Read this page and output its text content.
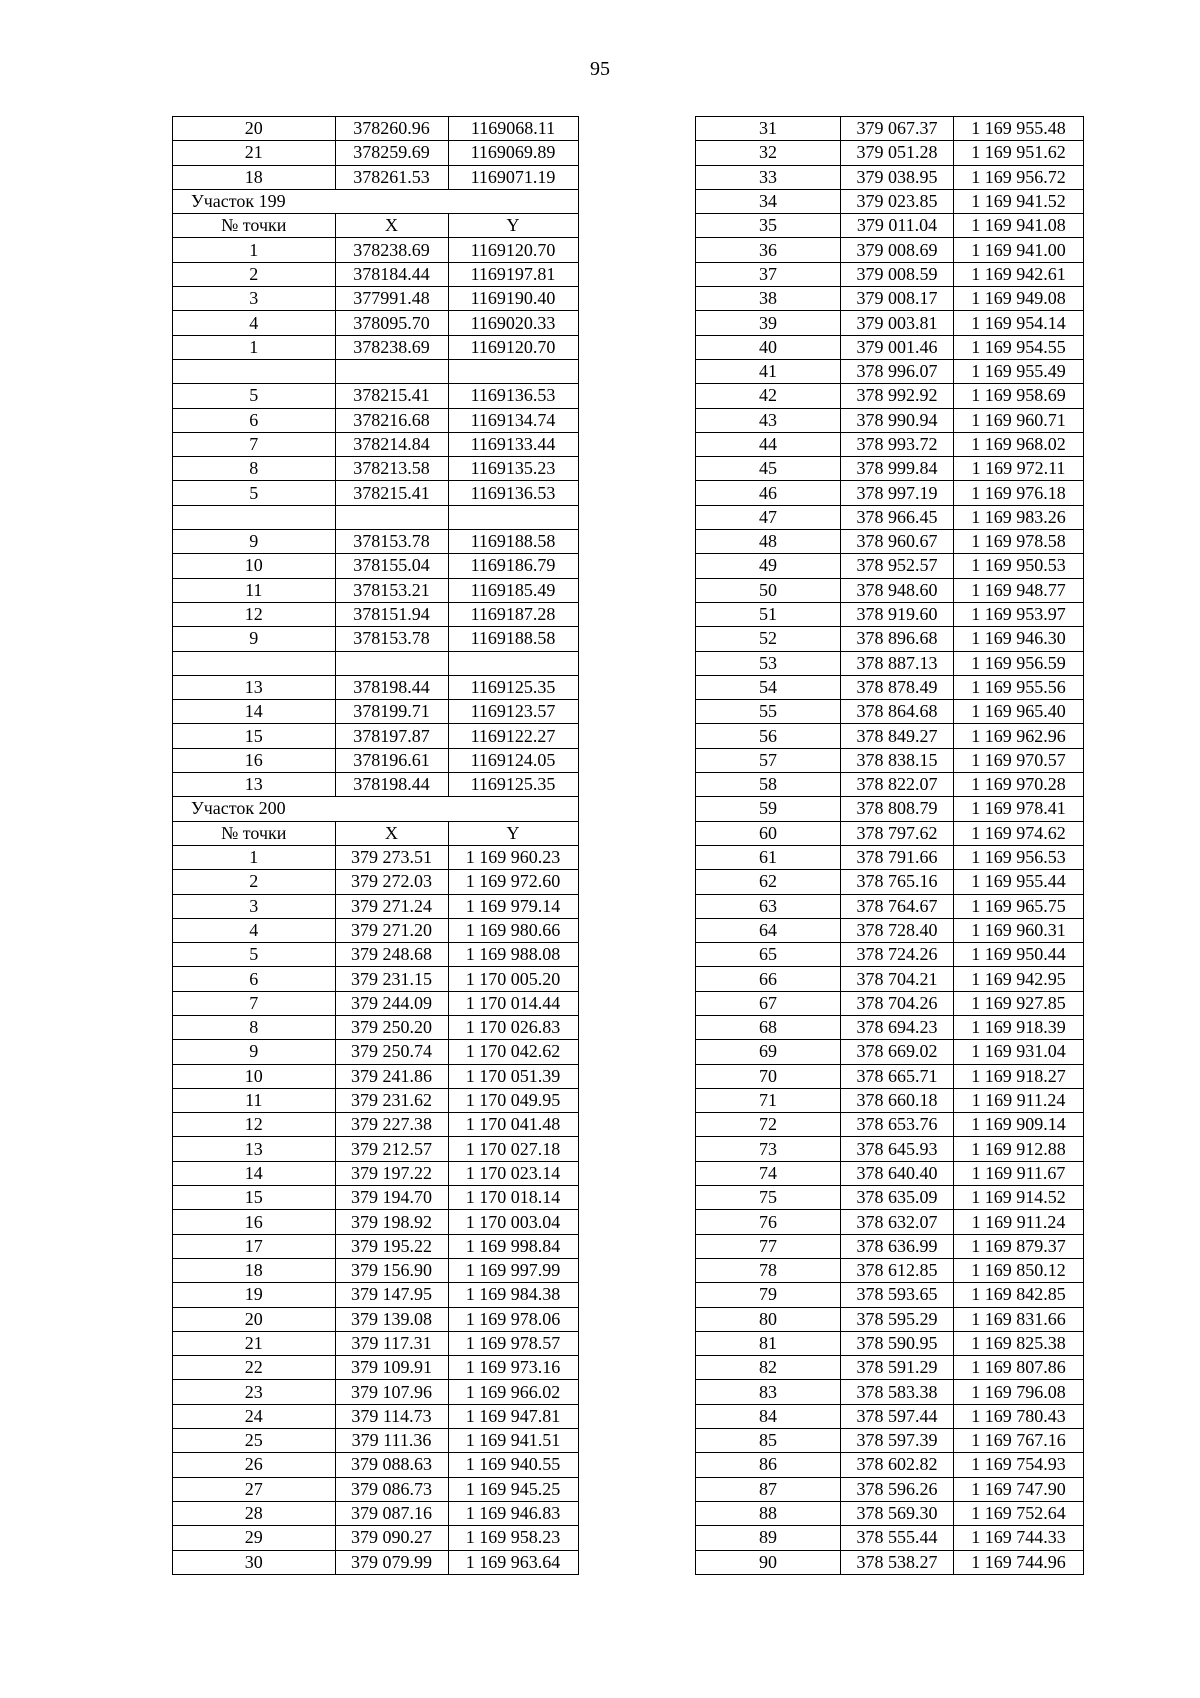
95
20	378260.96	1169068.11
21	378259.69	1169069.89
18	378261.53	1169071.19
Участок 199		
№ точки	X	Y
1	378238.69	1169120.70
2	378184.44	1169197.81
3	377991.48	1169190.40
4	378095.70	1169020.33
1	378238.69	1169120.70

5	378215.41	1169136.53
6	378216.68	1169134.74
7	378214.84	1169133.44
8	378213.58	1169135.23
5	378215.41	1169136.53

9	378153.78	1169188.58
10	378155.04	1169186.79
11	378153.21	1169185.49
12	378151.94	1169187.28
9	378153.78	1169188.58

13	378198.44	1169125.35
14	378199.71	1169123.57
15	378197.87	1169122.27
16	378196.61	1169124.05
13	378198.44	1169125.35
Участок 200		
№ точки	X	Y
1	379 273.51	1 169 960.23
2	379 272.03	1 169 972.60
3	379 271.24	1 169 979.14
4	379 271.20	1 169 980.66
5	379 248.68	1 169 988.08
6	379 231.15	1 170 005.20
7	379 244.09	1 170 014.44
8	379 250.20	1 170 026.83
9	379 250.74	1 170 042.62
10	379 241.86	1 170 051.39
11	379 231.62	1 170 049.95
12	379 227.38	1 170 041.48
13	379 212.57	1 170 027.18
14	379 197.22	1 170 023.14
15	379 194.70	1 170 018.14
16	379 198.92	1 170 003.04
17	379 195.22	1 169 998.84
18	379 156.90	1 169 997.99
19	379 147.95	1 169 984.38
20	379 139.08	1 169 978.06
21	379 117.31	1 169 978.57
22	379 109.91	1 169 973.16
23	379 107.96	1 169 966.02
24	379 114.73	1 169 947.81
25	379 111.36	1 169 941.51
26	379 088.63	1 169 940.55
27	379 086.73	1 169 945.25
28	379 087.16	1 169 946.83
29	379 090.27	1 169 958.23
30	379 079.99	1 169 963.64
31	379 067.37	1 169 955.48
32	379 051.28	1 169 951.62
33	379 038.95	1 169 956.72
34	379 023.85	1 169 941.52
35	379 011.04	1 169 941.08
36	379 008.69	1 169 941.00
37	379 008.59	1 169 942.61
38	379 008.17	1 169 949.08
39	379 003.81	1 169 954.14
40	379 001.46	1 169 954.55
41	378 996.07	1 169 955.49
42	378 992.92	1 169 958.69
43	378 990.94	1 169 960.71
44	378 993.72	1 169 968.02
45	378 999.84	1 169 972.11
46	378 997.19	1 169 976.18
47	378 966.45	1 169 983.26
48	378 960.67	1 169 978.58
49	378 952.57	1 169 950.53
50	378 948.60	1 169 948.77
51	378 919.60	1 169 953.97
52	378 896.68	1 169 946.30
53	378 887.13	1 169 956.59
54	378 878.49	1 169 955.56
55	378 864.68	1 169 965.40
56	378 849.27	1 169 962.96
57	378 838.15	1 169 970.57
58	378 822.07	1 169 970.28
59	378 808.79	1 169 978.41
60	378 797.62	1 169 974.62
61	378 791.66	1 169 956.53
62	378 765.16	1 169 955.44
63	378 764.67	1 169 965.75
64	378 728.40	1 169 960.31
65	378 724.26	1 169 950.44
66	378 704.21	1 169 942.95
67	378 704.26	1 169 927.85
68	378 694.23	1 169 918.39
69	378 669.02	1 169 931.04
70	378 665.71	1 169 918.27
71	378 660.18	1 169 911.24
72	378 653.76	1 169 909.14
73	378 645.93	1 169 912.88
74	378 640.40	1 169 911.67
75	378 635.09	1 169 914.52
76	378 632.07	1 169 911.24
77	378 636.99	1 169 879.37
78	378 612.85	1 169 850.12
79	378 593.65	1 169 842.85
80	378 595.29	1 169 831.66
81	378 590.95	1 169 825.38
82	378 591.29	1 169 807.86
83	378 583.38	1 169 796.08
84	378 597.44	1 169 780.43
85	378 597.39	1 169 767.16
86	378 602.82	1 169 754.93
87	378 596.26	1 169 747.90
88	378 569.30	1 169 752.64
89	378 555.44	1 169 744.33
90	378 538.27	1 169 744.96
